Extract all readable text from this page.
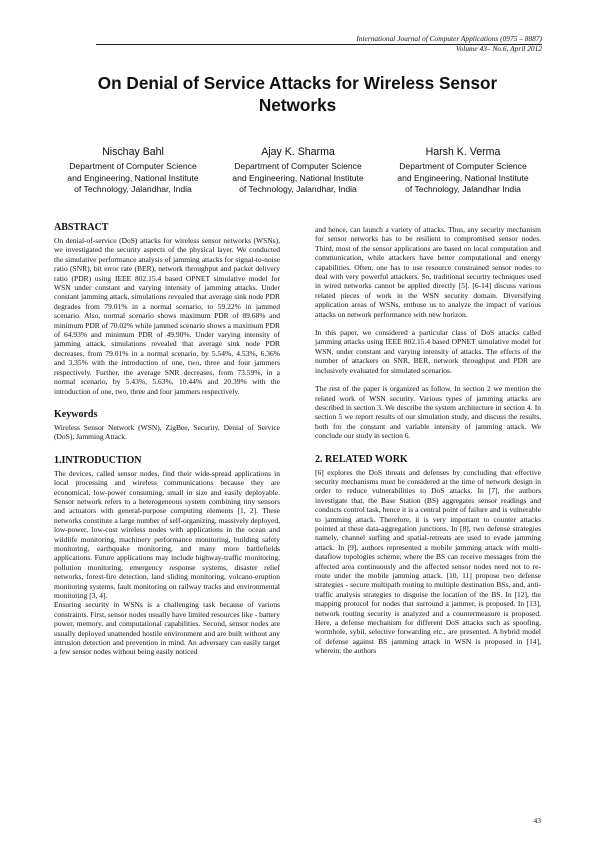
International Journal of Computer Applications (0975 – 8887)
Volume 43– No.6, April 2012
On Denial of Service Attacks for Wireless Sensor Networks
Nischay Bahl
Department of Computer Science
and Engineering, National Institute
of Technology, Jalandhar, India
Ajay K. Sharma
Department of Computer Science
and Engineering, National Institute
of Technology, Jalandhar, India
Harsh K. Verma
Department of Computer Science
and Engineering, National Institute
of Technology, Jalandhar India
ABSTRACT

On denial-of-service (DoS) attacks for wireless sensor networks (WSNs), we investigated the security aspects of the physical layer. We conducted the simulative performance analysis of jamming attacks for signal-to-noise ratio (SNR), bit error rate (BER), network throughput and packet delivery ratio (PDR) using IEEE 802.15.4 based OPNET simulative model for WSN under constant and varying intensity of jamming attacks. Under constant jamming attack, simulations revealed that average sink node PDR degrades from 79.01% in a normal scenario, to 59.22% in jammed scenario. Also, normal scenario shows maximum PDR of 89.68% and minimum PDR of 70.02% while jammed scenario shows a maximum PDR of 64.93% and minimum PDR of 49.90%. Under varying intensity of jamming attack, simulations revealed that average sink node PDR decreases, from 79.01% in a normal scenario, by 5.54%, 4.53%, 6.36% and 3.35% with the introduction of one, two, three and four jammers respectively. Further, the average SNR decreases, from 73.59%, in a normal scenario, by 5.43%, 5.63%, 10.44% and 20.39% with the introduction of one, two, three and four jammers respectively.

Keywords

Wireless Sensor Network (WSN), ZigBee, Security, Denial of Service (DoS), Jamming Attack.

1.INTRODUCTION

The devices, called sensor nodes, find their wide-spread applications in local processing and wireless communications because they are economical, low-power consuming, small in size and easily deployable. Sensor network refers to a heterogeneous system combining tiny sensors and actuators with general-purpose computing elements [1, 2]. These networks constitute a large number of self-organizing, massively deployed, low-power, low-cost wireless nodes with applications in the ocean and wildlife monitoring, machinery performance monitoring, building safety monitoring, earthquake monitoring, and many more battlefields applications. Future applications may include highway-traffic monitoring, pollution monitoring, emergency response systems, disaster relief networks, forest-fire detection, land sliding monitoring, volcano-eruption monitoring systems, fault monitoring on railway tracks and environmental monitoring [3, 4].

Ensuring security in WSNs is a challenging task because of various constraints. First, sensor nodes usually have limited resources like - battery power, memory, and computational capabilities. Second, sensor nodes are usually deployed unattended hostile environment and are built without any intrusion detection and prevention in mind. An adversary can easily target a few sensor nodes without being easily noticed

and hence, can launch a variety of attacks. Thus, any security mechanism for sensor networks has to be resilient to compromised sensor nodes. Third, most of the sensor applications are based on local computation and communication, while attackers have better computational and energy capabilities. Often, one has to use resource constrained sensor nodes to deal with very powerful attackers. So, traditional security techniques used in wired networks cannot be applied directly [5]. [6-14] discuss various related pieces of work in the WSN security domain. Diversifying application areas of WSNs, enthuse us to analyze the impact of various attacks on network performance with new horizon.

In this paper, we considered a particular class of DoS attacks called jamming attacks using IEEE 802.15.4 based OPNET simulative model for WSN, under constant and varying intensity of attacks. The effects of the number of attackers on SNR, BER, network throughput and PDR are inclusively evaluated for simulated scenarios.

The rest of the paper is organized as follow. In section 2 we mention the related work of WSN security. Various types of jamming attacks are described in section 3. We describe the system architecture in section 4. In section 5 we report results of our simulation study, and discuss the results, both for the constant and variable intensity of jamming attack. We conclude our study in section 6.

2. RELATED WORK

[6] explores the DoS threats and defenses by concluding that effective security mechanisms must be considered at the time of network design in order to reduce vulnerabilities to DoS attacks. In [7], the authors investigate that, the Base Station (BS) aggregates sensor readings and conducts control task, hence it is a central point of failure and is vulnerable to jamming attack. Therefore, it is very important to counter attacks pointed at these data-aggregation junctions. In [8], two defense strategies namely, channel surfing and spatial-retreats are used to evade jamming attack. In [9], authors represented a mobile jamming attack with multi-dataflow topologies scheme, where the BS can receive messages from the affected area continuously and the affected sensor nodes need not to re-route under the mobile jamming attack. [10, 11] propose two defense strategies - secure multipath routing to multiple destination BSs, and, anti-traffic analysis strategies to disguise the location of the BS. In [12], the mapping protocol for nodes that surround a jammer, is proposed. In [13], network routing security is analyzed and a countermeasure is proposed. Here, a defense mechanism for different DoS attacks such as spoofing, wormhole, sybil, selective forwarding etc., are presented. A hybrid model of defense against BS jamming attack in WSN is proposed in [14], wherein; the authors

43
